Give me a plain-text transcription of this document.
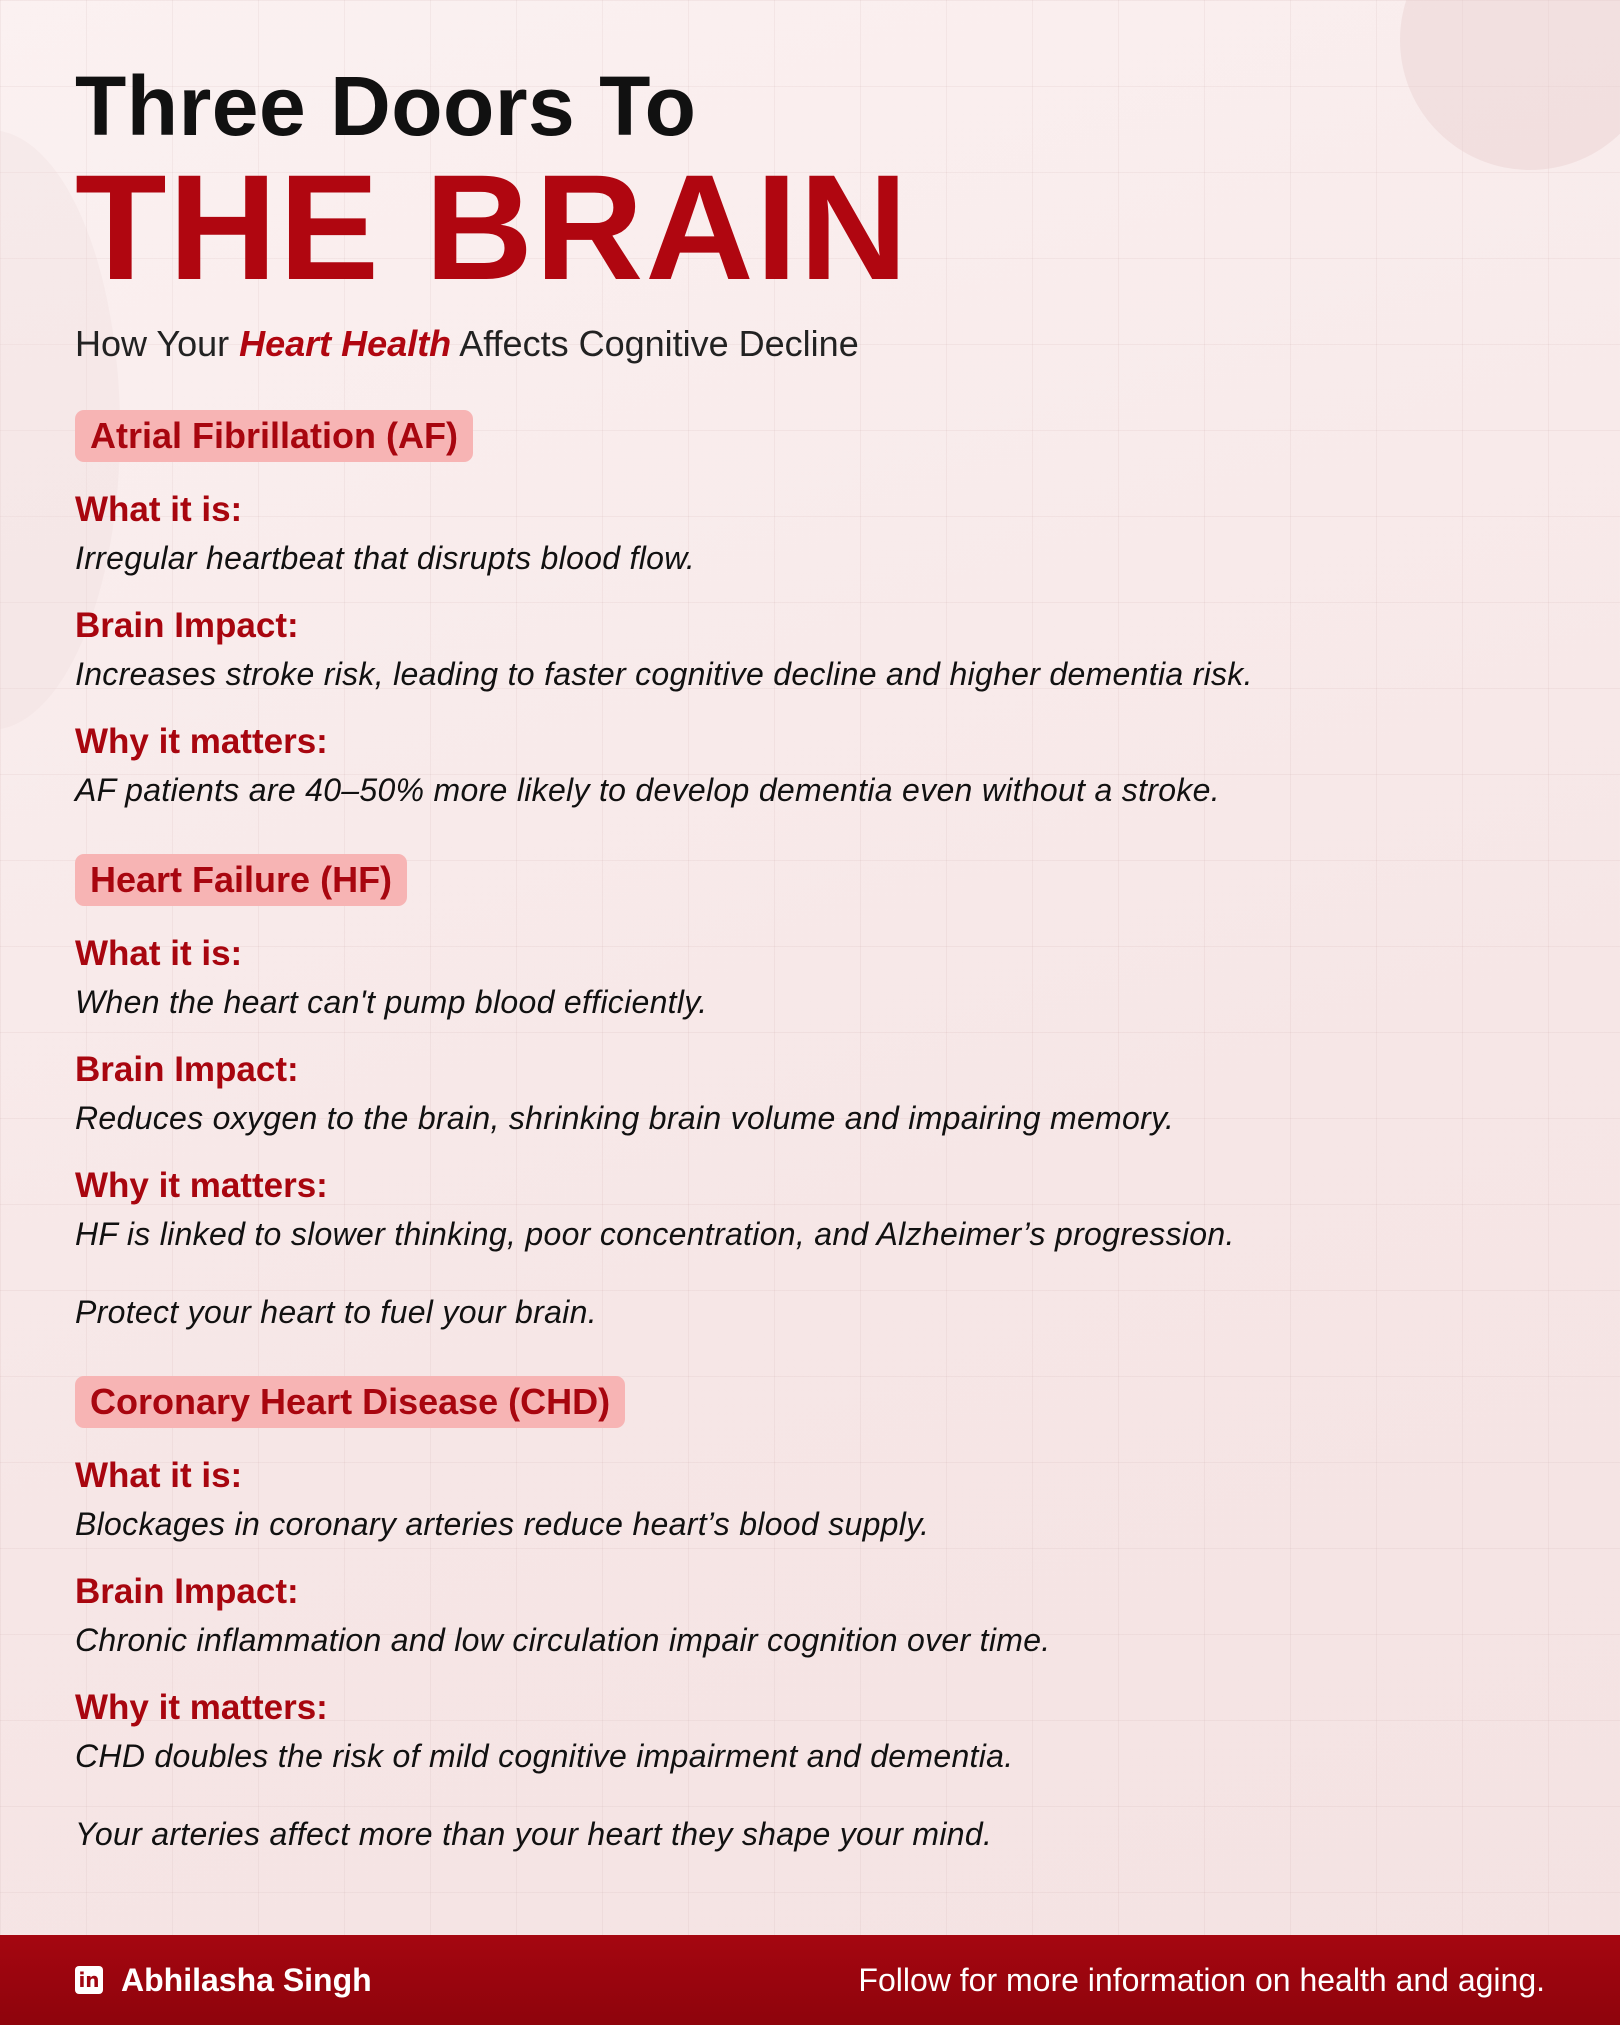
Three Doors To
THE BRAIN
How Your Heart Health Affects Cognitive Decline
Atrial Fibrillation (AF)
What it is:
Irregular heartbeat that disrupts blood flow.
Brain Impact:
Increases stroke risk, leading to faster cognitive decline and higher dementia risk.
Why it matters:
AF patients are 40–50% more likely to develop dementia even without a stroke.
Heart Failure (HF)
What it is:
When the heart can't pump blood efficiently.
Brain Impact:
Reduces oxygen to the brain, shrinking brain volume and impairing memory.
Why it matters:
HF is linked to slower thinking, poor concentration, and Alzheimer’s progression.
Protect your heart to fuel your brain.
Coronary Heart Disease (CHD)
What it is:
Blockages in coronary arteries reduce heart’s blood supply.
Brain Impact:
Chronic inflammation and low circulation impair cognition over time.
Why it matters:
CHD doubles the risk of mild cognitive impairment and dementia.
Your arteries affect more than your heart they shape your mind.
in Abhilasha Singh	Follow for more information on health and aging.
